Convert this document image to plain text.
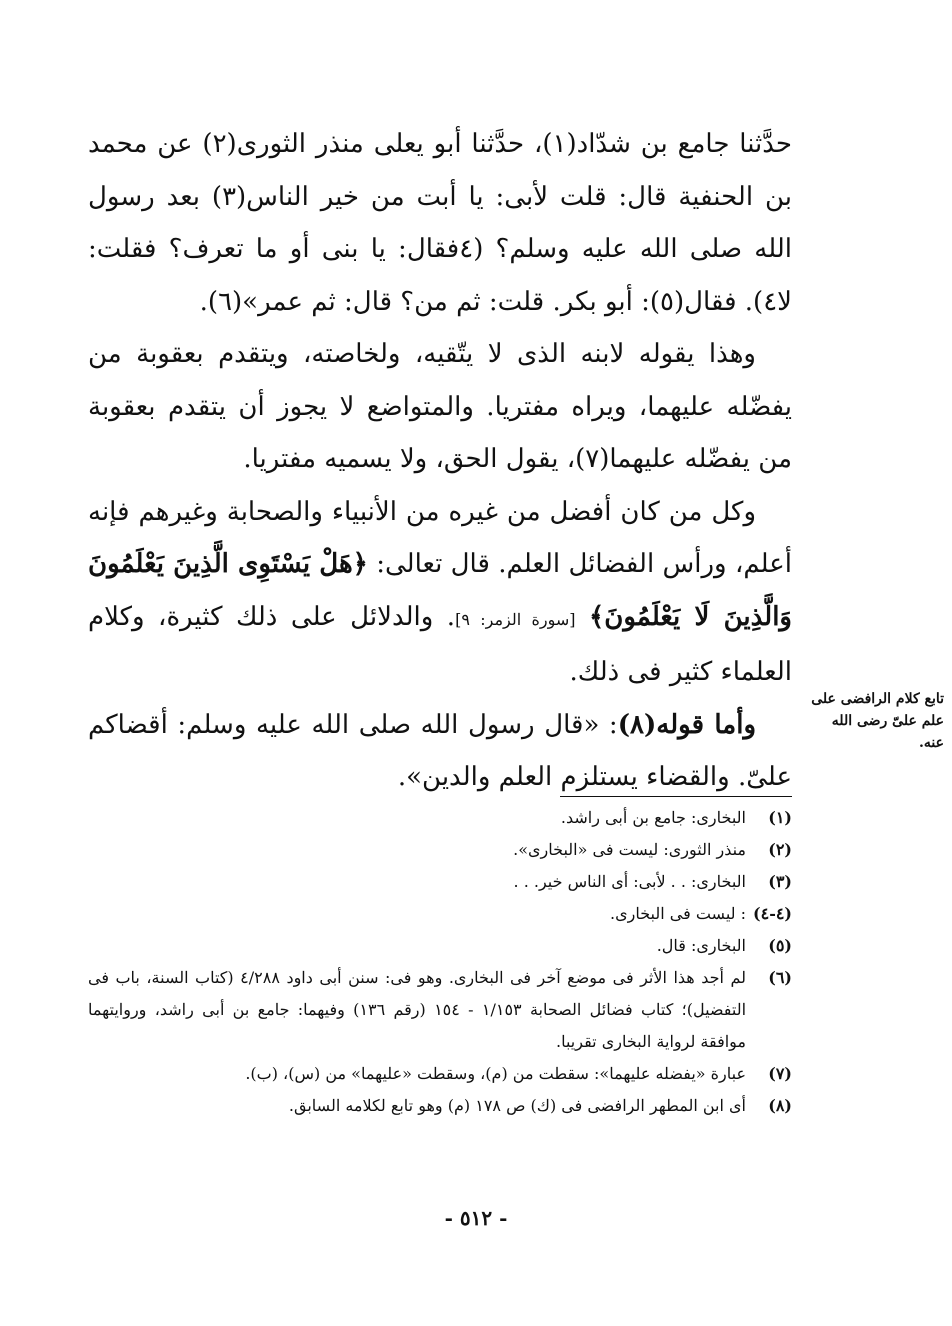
حدَّثنا جامع بن شدّاد(١)، حدَّثنا أبو يعلى منذر الثورى(٢) عن محمد بن الحنفية قال: قلت لأبى: يا أبت من خير الناس(٣) بعد رسول الله صلى الله عليه وسلم؟ (٤فقال: يا بنى أو ما تعرف؟ فقلت: لا٤). فقال(٥): أبو بكر. قلت: ثم من؟ قال: ثم عمر»(٦).

وهذا يقوله لابنه الذى لا يتّقيه، ولخاصته، ويتقدم بعقوبة من يفضّله عليهما، ويراه مفتريا. والمتواضع لا يجوز أن يتقدم بعقوبة من يفضّله عليهما(٧)، يقول الحق، ولا يسميه مفتريا.

وكل من كان أفضل من غيره من الأنبياء والصحابة وغيرهم فإنه أعلم، ورأس الفضائل العلم. قال تعالى: ﴿هَلْ يَسْتَوِى الَّذِينَ يَعْلَمُونَ وَالَّذِينَ لَا يَعْلَمُونَ﴾ [سورة الزمر: ٩]. والدلائل على ذلك كثيرة، وكلام العلماء كثير فى ذلك.

وأما قوله(٨): «قال رسول الله صلى الله عليه وسلم: أقضاكم علىّ. والقضاء يستلزم العلم والدين».

تابع كلام الرافضى على علم علىّ رضى الله عنه.
(١)
البخارى: جامع بن أبى راشد.
(٢)
منذر الثورى: ليست فى «البخارى».
(٣)
البخارى: . . لأبى: أى الناس خير. . .
(٤-٤)
: ليست فى البخارى.
(٥)
البخارى: قال.
(٦)
لم أجد هذا الأثر فى موضع آخر فى البخارى. وهو فى: سنن أبى داود ٤/٢٨٨ (كتاب السنة، باب فى التفضيل)؛ كتاب فضائل الصحابة ١/١٥٣ - ١٥٤ (رقم ١٣٦) وفيهما: جامع بن أبى راشد، وروايتهما موافقة لرواية البخارى تقريبا.
(٧)
عبارة «يفضله عليهما»: سقطت من (م)، وسقطت «عليهما» من (س)، (ب).
(٨)
أى ابن المطهر الرافضى فى (ك) ص ١٧٨ (م) وهو تابع لكلامه السابق.
- ٥١٢ -
